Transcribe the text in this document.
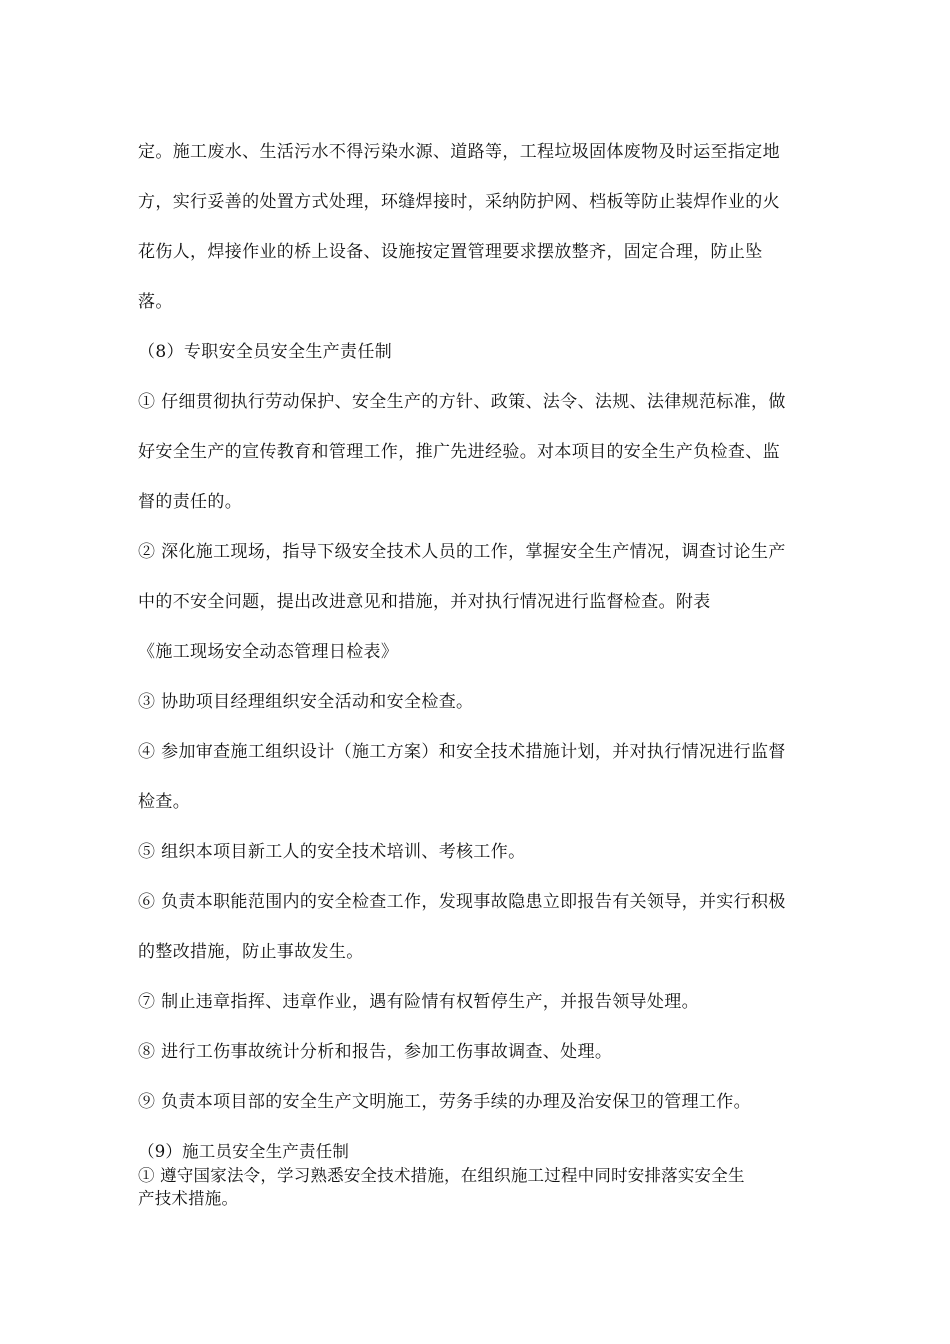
定。施工废水、生活污水不得污染水源、道路等，工程垃圾固体废物及时运至指定地
方，实行妥善的处置方式处理，环缝焊接时，采纳防护网、档板等防止装焊作业的火
花伤人，焊接作业的桥上设备、设施按定置管理要求摆放整齐，固定合理，防止坠
落。
（8）专职安全员安全生产责任制
① 仔细贯彻执行劳动保护、安全生产的方针、政策、法令、法规、法律规范标准，做
好安全生产的宣传教育和管理工作，推广先进经验。对本项目的安全生产负检查、监
督的责任的。
② 深化施工现场，指导下级安全技术人员的工作，掌握安全生产情况，调查讨论生产
中的不安全问题，提出改进意见和措施，并对执行情况进行监督检查。附表
《施工现场安全动态管理日检表》
③ 协助项目经理组织安全活动和安全检查。
④ 参加审查施工组织设计（施工方案）和安全技术措施计划，并对执行情况进行监督
检查。
⑤ 组织本项目新工人的安全技术培训、考核工作。
⑥ 负责本职能范围内的安全检查工作，发现事故隐患立即报告有关领导，并实行积极
的整改措施，防止事故发生。
⑦ 制止违章指挥、违章作业，遇有险情有权暂停生产，并报告领导处理。
⑧ 进行工伤事故统计分析和报告，参加工伤事故调查、处理。
⑨ 负责本项目部的安全生产文明施工，劳务手续的办理及治安保卫的管理工作。
（9）施工员安全生产责任制
① 遵守国家法令，学习熟悉安全技术措施，在组织施工过程中同时安排落实安全生
产技术措施。
